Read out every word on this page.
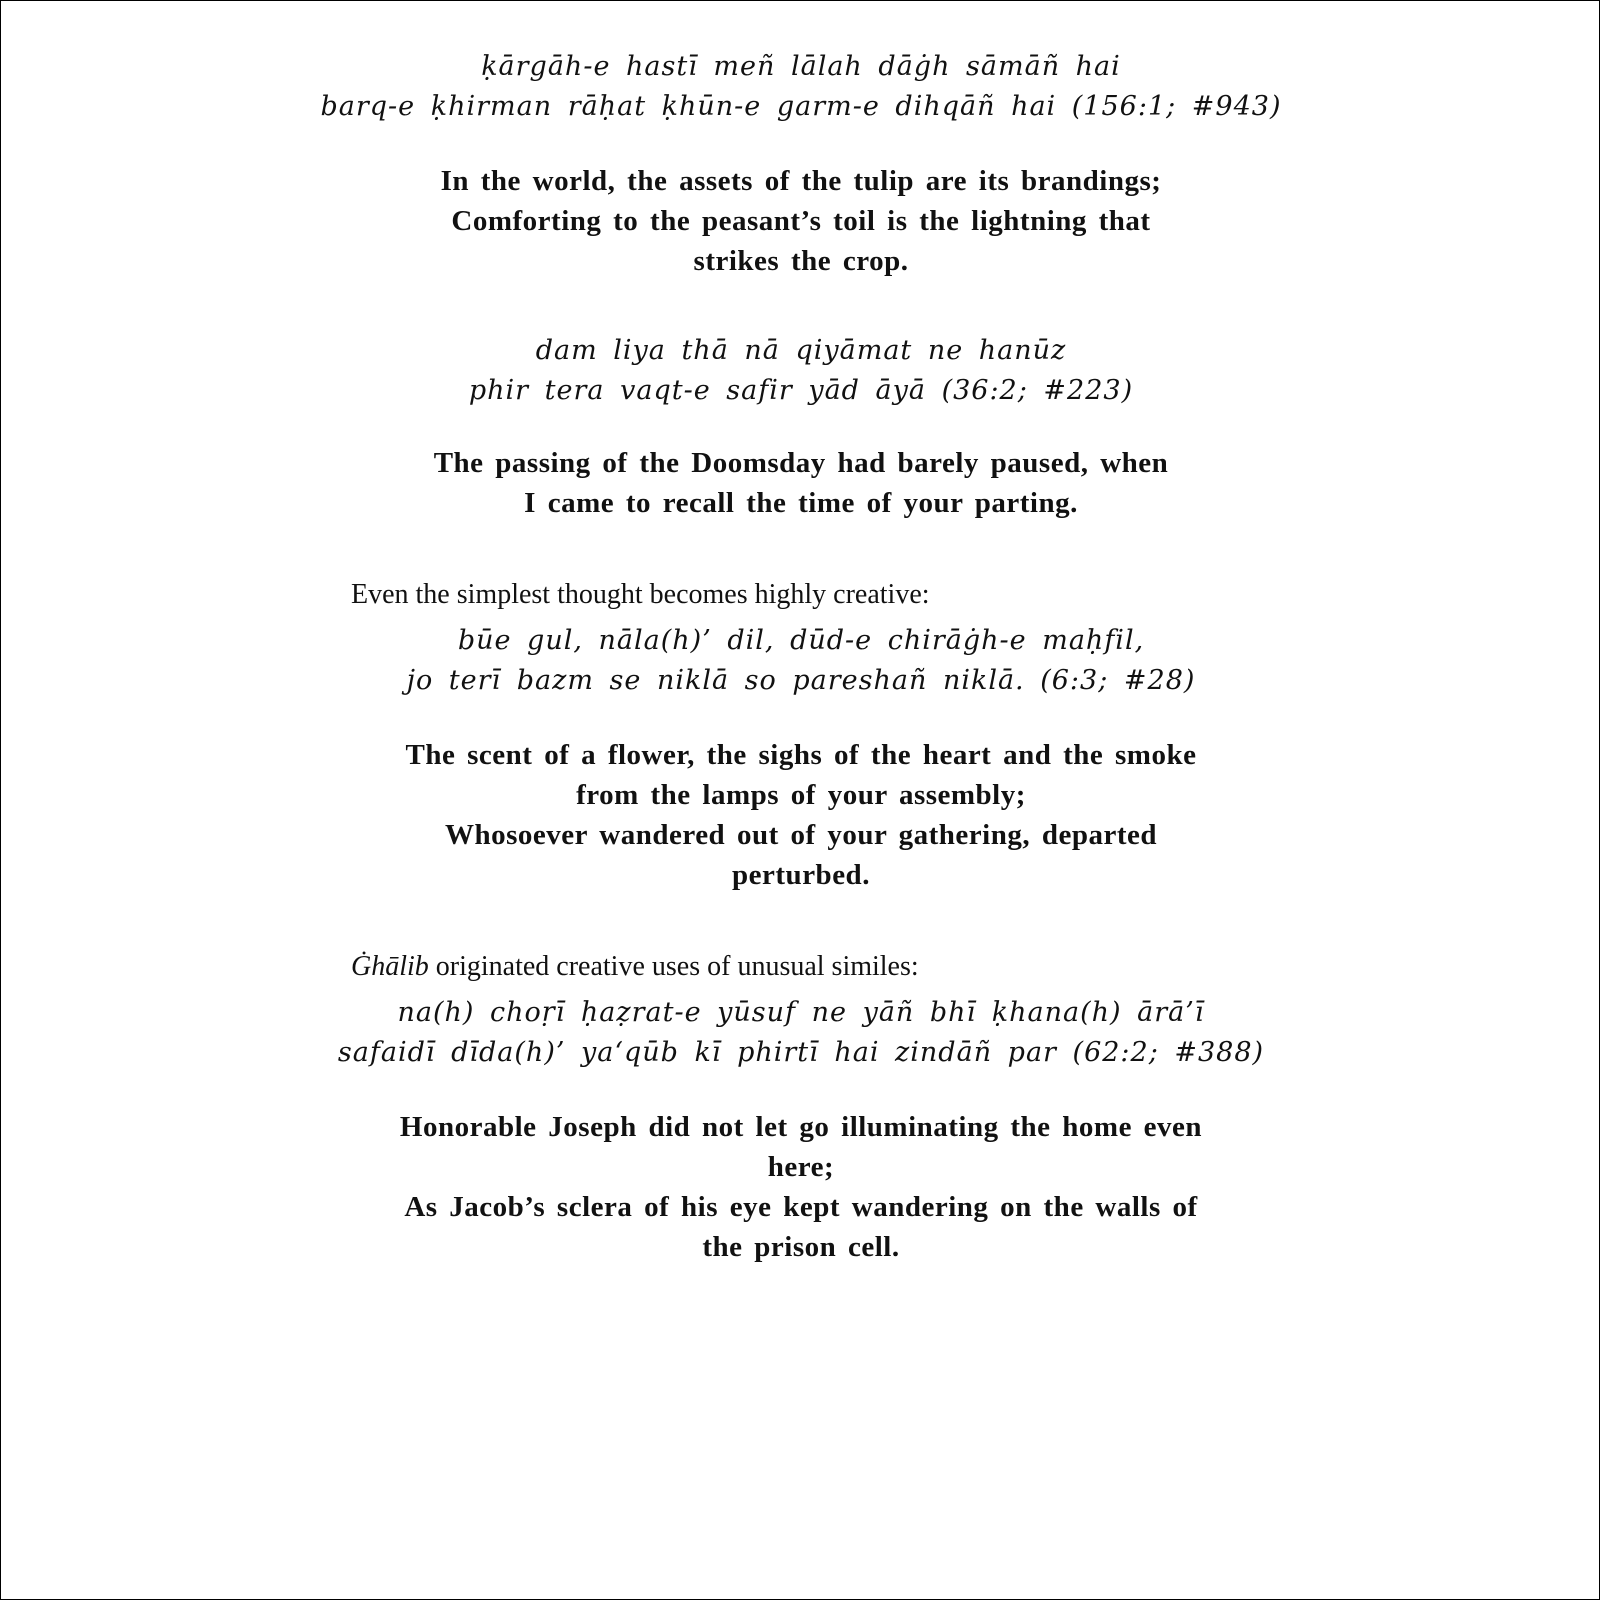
ḳārgāh-e hastī meñ lālah dāġh sāmāñ hai
barq-e ḳhirman rāḥat ḳhūn-e garm-e dihqāñ hai (156:1; #943)

In the world, the assets of the tulip are its brandings;
Comforting to the peasant’s toil is the lightning that
strikes the crop.

dam liya thā nā qiyāmat ne hanūz
phir tera vaqt-e safir yād āyā (36:2; #223)

The passing of the Doomsday had barely paused, when
I came to recall the time of your parting.

Even the simplest thought becomes highly creative:

būe gul, nāla(h)’ dil, dūd-e chirāġh-e maḥfil,
jo terī bazm se niklā so pareshañ niklā. (6:3; #28)

The scent of a flower, the sighs of the heart and the smoke
from the lamps of your assembly;
Whosoever wandered out of your gathering, departed
perturbed.

Ġhālib originated creative uses of unusual similes:

na(h) choṛī ḥaẓrat-e yūsuf ne yāñ bhī ḳhana(h) ārā’ī
safaidī dīda(h)’ ya‘qūb kī phirtī hai zindāñ par (62:2; #388)

Honorable Joseph did not let go illuminating the home even
here;
As Jacob’s sclera of his eye kept wandering on the walls of
the prison cell.
